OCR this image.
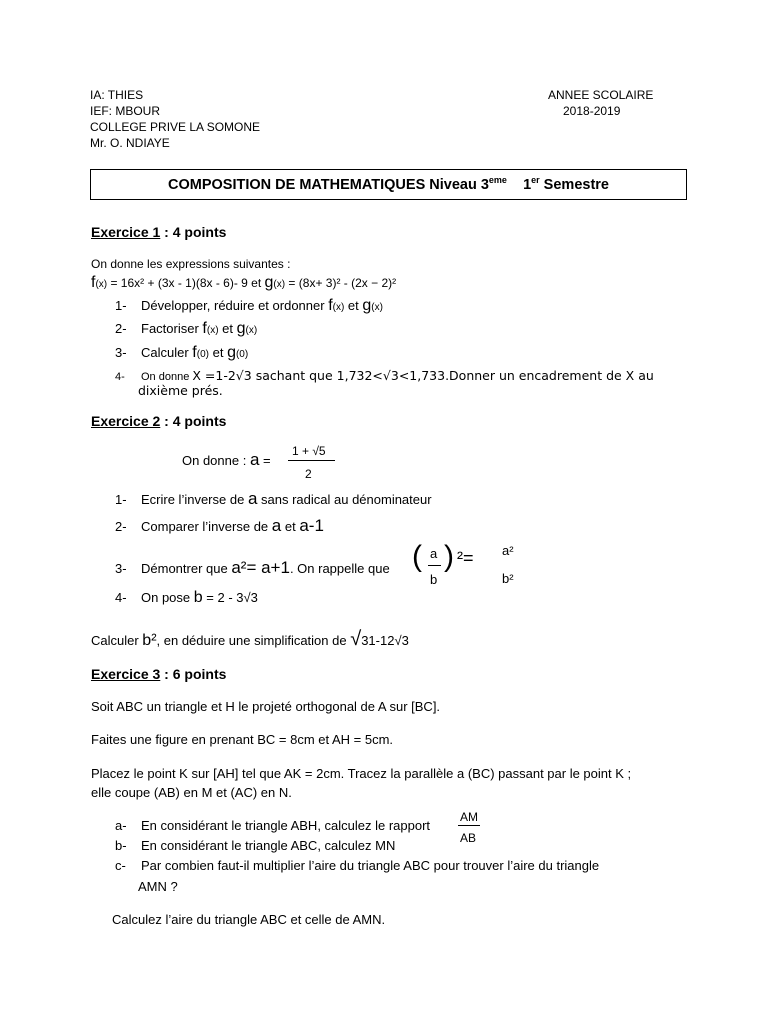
IA: THIES
IEF: MBOUR
COLLEGE PRIVE LA SOMONE
Mr. O. NDIAYE
ANNEE SCOLAIRE
2018-2019
COMPOSITION DE MATHEMATIQUES Niveau 3eme 1er Semestre
Exercice 1 : 4 points
On donne les expressions suivantes :
f(x) = 16x² + (3x - 1)(8x - 6)- 9 et g(x) = (8x+ 3)² - (2x − 2)²
1- Développer, réduire et ordonner f(x) et g(x)
2- Factoriser f(x) et g(x)
3- Calculer f(0) et g(0)
4- On donne X =1-2√3 sachant que 1,732<√3<1,733.Donner un encadrement de X au
dixième prés.
Exercice 2 : 4 points
On donne : a =
1 + √5
2
1- Ecrire l’inverse de a sans radical au dénominateur
2- Comparer l’inverse de a et a-1
3- Démontrer que a²= a+1. On rappelle que ( a
b
) ²= a²
b²
4- On pose b = 2 - 3√3
Calculer b², en déduire une simplification de √31-12√3
Exercice 3 : 6 points
Soit ABC un triangle et H le projeté orthogonal de A sur [BC].
Faites une figure en prenant BC = 8cm et AH = 5cm.
Placez le point K sur [AH] tel que AK = 2cm. Tracez la parallèle a (BC) passant par le point K ;
elle coupe (AB) en M et (AC) en N.
a- En considérant le triangle ABH, calculez le rapport
AM
AB
b- En considérant le triangle ABC, calculez MN
c- Par combien faut-il multiplier l’aire du triangle ABC pour trouver l’aire du triangle
AMN ?
Calculez l’aire du triangle ABC et celle de AMN.
